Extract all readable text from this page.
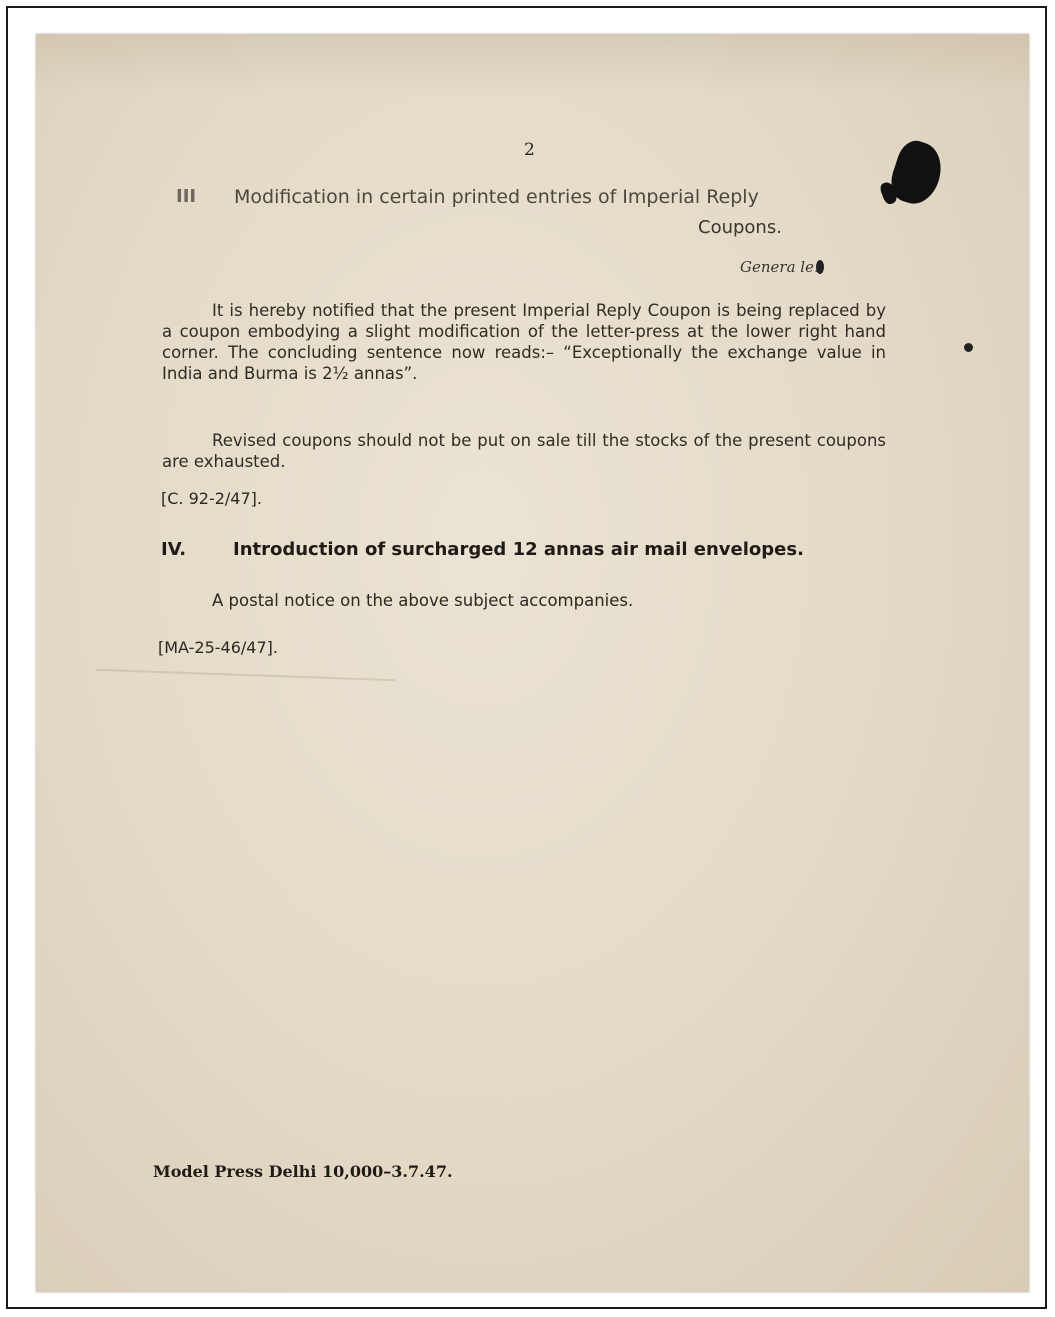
2
III Modification in certain printed entries of Imperial Reply
Coupons.
Genera le.
It is hereby notified that the present Imperial Reply Coupon is being replaced by a coupon embodying a slight modification of the letter-press at the lower right hand corner. The concluding sentence now reads:– “Exceptionally the exchange value in India and Burma is 2½ annas”.
Revised coupons should not be put on sale till the stocks of the present coupons are exhausted.
[C. 92-2/47].
IV.	Introduction of surcharged 12 annas air mail envelopes.
A postal notice on the above subject accompanies.
[MA-25-46/47].
Model Press Delhi 10,000–3.7.47.
